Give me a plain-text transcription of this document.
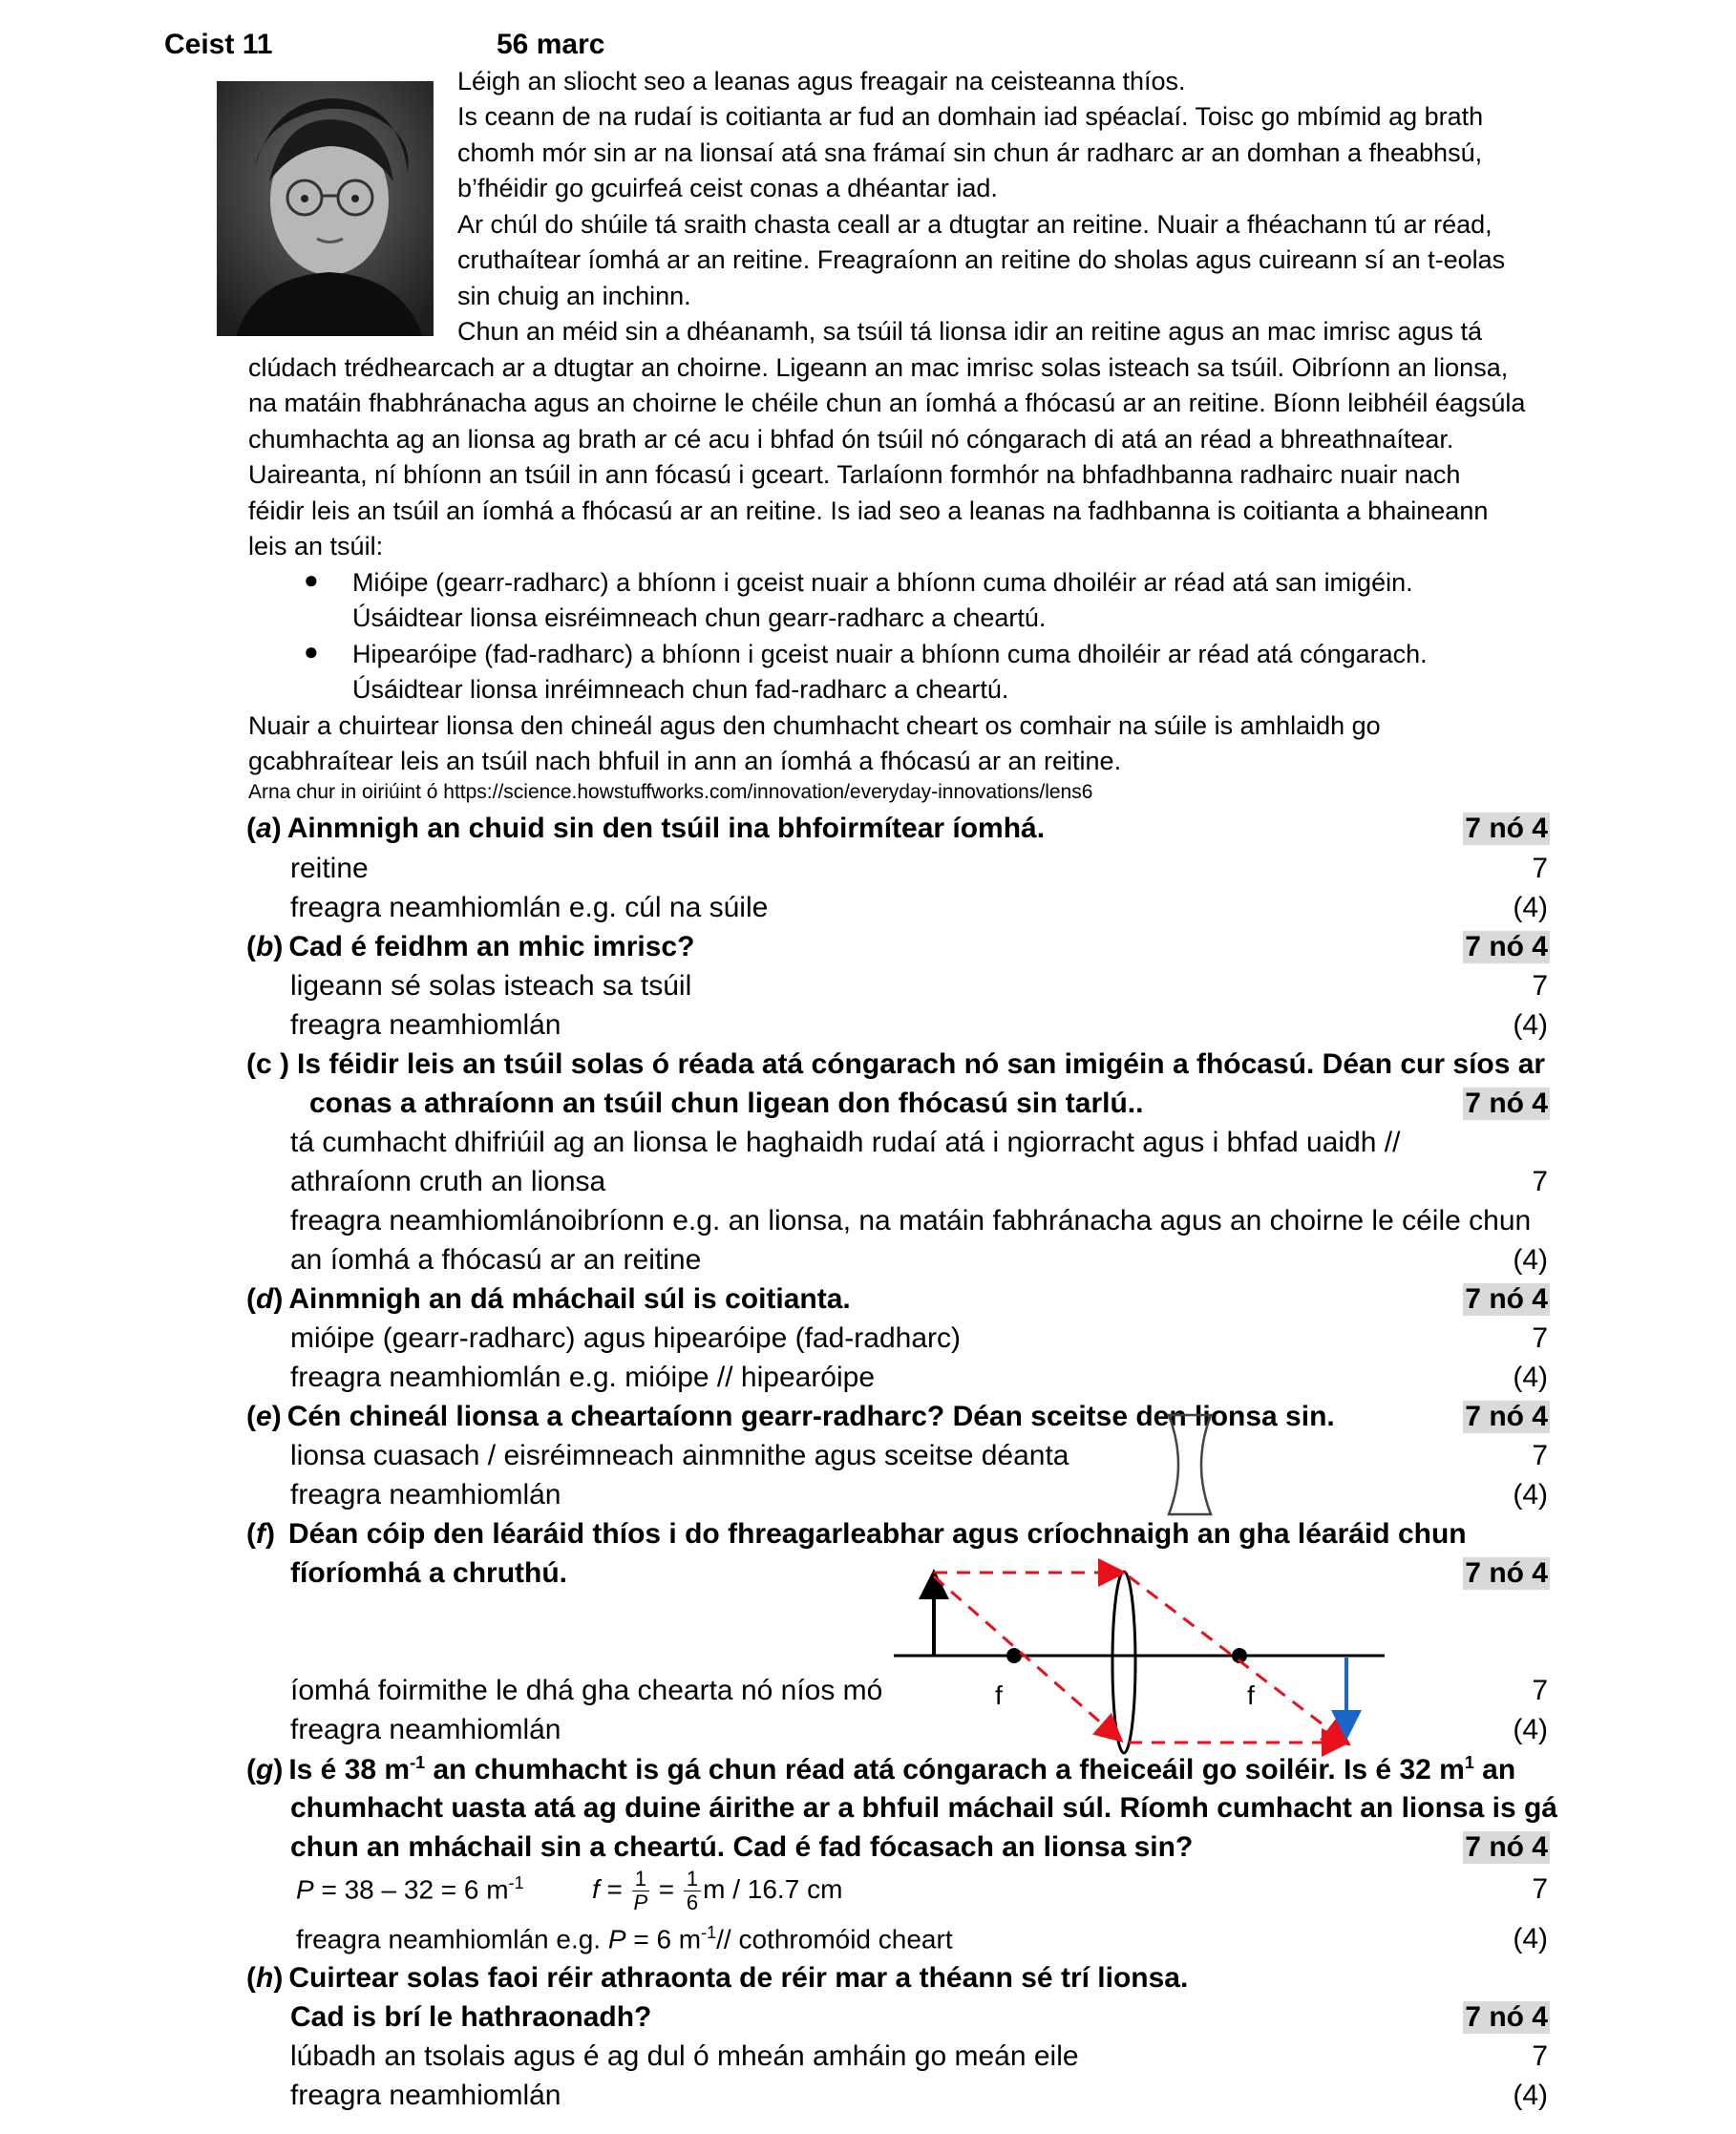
Ceist 11	56 marc
Léigh an sliocht seo a leanas agus freagair na ceisteanna thíos.
Is ceann de na rudaí is coitianta ar fud an domhain iad spéaclaí. Toisc go mbímid ag brath
chomh mór sin ar na lionsaí atá sna frámaí sin chun ár radharc ar an domhan a fheabhsú,
b’fhéidir go gcuirfeá ceist conas a dhéantar iad.
Ar chúl do shúile tá sraith chasta ceall ar a dtugtar an reitine. Nuair a fhéachann tú ar réad,
cruthaítear íomhá ar an reitine. Freagraíonn an reitine do sholas agus cuireann sí an t-eolas
sin chuig an inchinn.
Chun an méid sin a dhéanamh, sa tsúil tá lionsa idir an reitine agus an mac imrisc agus tá
clúdach trédhearcach ar a dtugtar an choirne. Ligeann an mac imrisc solas isteach sa tsúil. Oibríonn an lionsa,
na matáin fhabhránacha agus an choirne le chéile chun an íomhá a fhócasú ar an reitine. Bíonn leibhéil éagsúla
chumhachta ag an lionsa ag brath ar cé acu i bhfad ón tsúil nó cóngarach di atá an réad a bhreathnaítear.
Uaireanta, ní bhíonn an tsúil in ann fócasú i gceart. Tarlaíonn formhór na bhfadhbanna radhairc nuair nach
féidir leis an tsúil an íomhá a fhócasú ar an reitine. Is iad seo a leanas na fadhbanna is coitianta a bhaineann
leis an tsúil:
● Mióipe (gearr-radharc) a bhíonn i gceist nuair a bhíonn cuma dhoiléir ar réad atá san imigéin.
Úsáidtear lionsa eisréimneach chun gearr-radharc a cheartú.
● Hipearóipe (fad-radharc) a bhíonn i gceist nuair a bhíonn cuma dhoiléir ar réad atá cóngarach.
Úsáidtear lionsa inréimneach chun fad-radharc a cheartú.
Nuair a chuirtear lionsa den chineál agus den chumhacht cheart os comhair na súile is amhlaidh go
gcabhraítear leis an tsúil nach bhfuil in ann an íomhá a fhócasú ar an reitine.
Arna chur in oiriúint ó https://science.howstuffworks.com/innovation/everyday-innovations/lens6
(a) Ainmnigh an chuid sin den tsúil ina bhfoirmítear íomhá.	7 nó 4
reitine	7
freagra neamhiomlán e.g. cúl na súile	(4)
(b) Cad é feidhm an mhic imrisc?	7 nó 4
ligeann sé solas isteach sa tsúil	7
freagra neamhiomlán	(4)
(c ) Is féidir leis an tsúil solas ó réada atá cóngarach nó san imigéin a fhócasú. Déan cur síos ar
conas a athraíonn an tsúil chun ligean don fhócasú sin tarlú..	7 nó 4
tá cumhacht dhifriúil ag an lionsa le haghaidh rudaí atá i ngiorracht agus i bhfad uaidh //
athraíonn cruth an lionsa	7
freagra neamhiomlánoibríonn e.g. an lionsa, na matáin fabhránacha agus an choirne le céile chun
an íomhá a fhócasú ar an reitine	(4)
(d) Ainmnigh an dá mháchail súl is coitianta.	7 nó 4
mióipe (gearr-radharc) agus hipearóipe (fad-radharc)	7
freagra neamhiomlán e.g. mióipe // hipearóipe	(4)
(e) Cén chineál lionsa a cheartaíonn gearr-radharc? Déan sceitse den lionsa sin.	7 nó 4
lionsa cuasach / eisréimneach ainmnithe agus sceitse déanta	7
freagra neamhiomlán	(4)
(f) Déan cóip den léaráid thíos i do fhreagarleabhar agus críochnaigh an gha léaráid chun
fíoríomhá a chruthú.	7 nó 4
íomhá foirmithe le dhá gha chearta nó níos mó	7
freagra neamhiomlán	(4)
f	f
(g) Is é 38 $m^{-1}$ an chumhacht is gá chun réad atá cóngarach a fheiceáil go soiléir. Is é 32 $m^1$ an
chumhacht uasta atá ag duine áirithe ar a bhfuil máchail súl. Ríomh cumhacht an lionsa is gá
chun an mháchail sin a cheartú. Cad é fad fócasach an lionsa sin?	7 nó 4
P = 38 – 32 = 6 $m^{-1}$	$f = \frac{1}{P} = \frac{1}{6}$ m / 16.7 cm	7
freagra neamhiomlán e.g. P = 6 $m^{-1}//$ cothromóid cheart	(4)
(h) Cuirtear solas faoi réir athraonta de réir mar a théann sé trí lionsa.
Cad is brí le hathraonadh?	7 nó 4
lúbadh an tsolais agus é ag dul ó mheán amháin go meán eile	7
freagra neamhiomlán	(4)
